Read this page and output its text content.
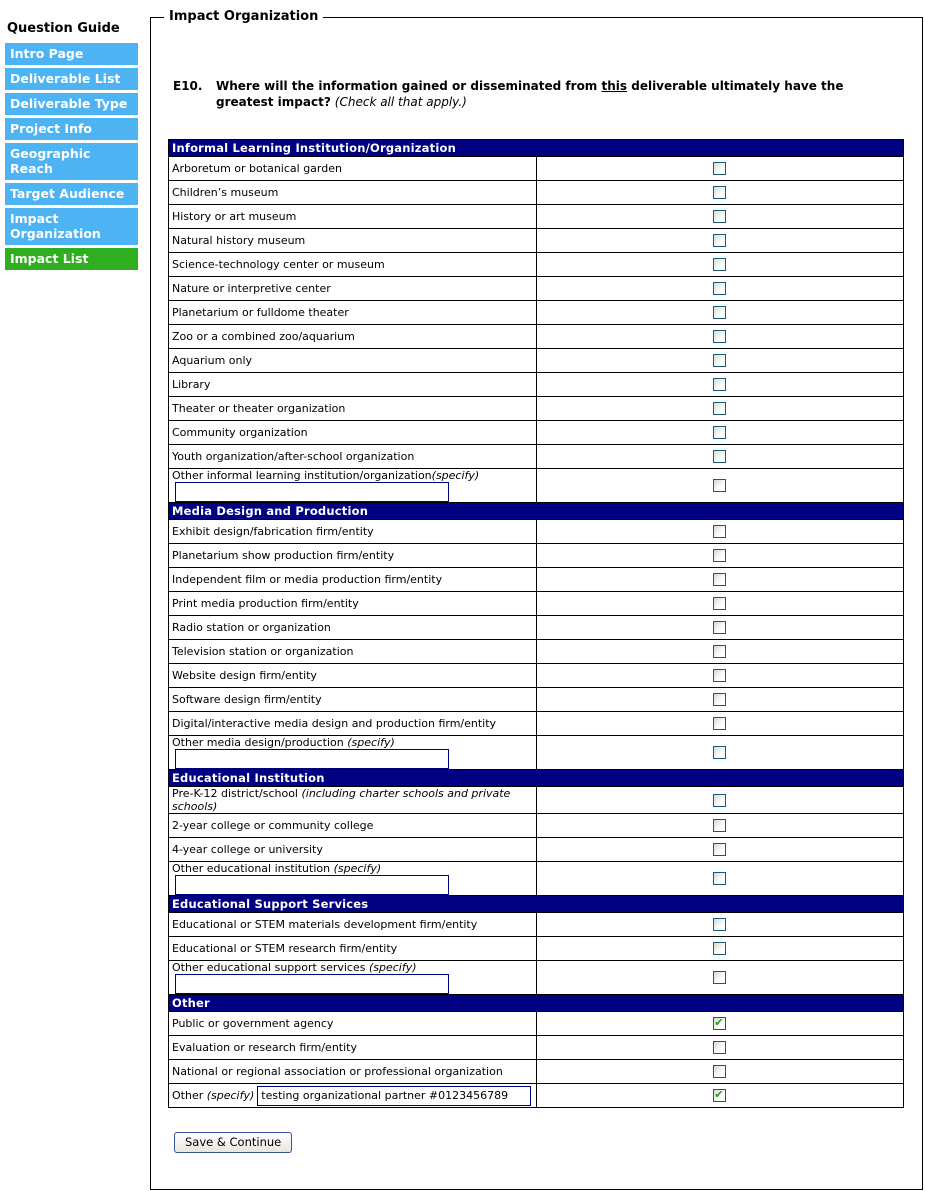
Question Guide
Intro Page
Deliverable List
Deliverable Type
Project Info
Geographic Reach
Target Audience
Impact Organization
Impact List
Impact Organization
E10.	Where will the information gained or disseminated from this deliverable ultimately have the greatest impact? (Check all that apply.)
Informal Learning Institution/Organization	
Arboretum or botanical garden	
Children’s museum	
History or art museum	
Natural history museum	
Science-technology center or museum	
Nature or interpretive center	
Planetarium or fulldome theater	
Zoo or a combined zoo/aquarium	
Aquarium only	
Library	
Theater or theater organization	
Community organization	
Youth organization/after-school organization	
Other informal learning institution/organization(specify)	
Media Design and Production	
Exhibit design/fabrication firm/entity	
Planetarium show production firm/entity	
Independent film or media production firm/entity	
Print media production firm/entity	
Radio station or organization	
Television station or organization	
Website design firm/entity	
Software design firm/entity	
Digital/interactive media design and production firm/entity	
Other media design/production (specify)	
Educational Institution	
Pre-K-12 district/school (including charter schools and private schools)	
2-year college or community college	
4-year college or university	
Other educational institution (specify)	
Educational Support Services	
Educational or STEM materials development firm/entity	
Educational or STEM research firm/entity	
Other educational support services (specify)	
Other	
Public or government agency	✔
Evaluation or research firm/entity	
National or regional association or professional organization	
Other (specify)testing organizational partner #0123456789	✔
Save & Continue
